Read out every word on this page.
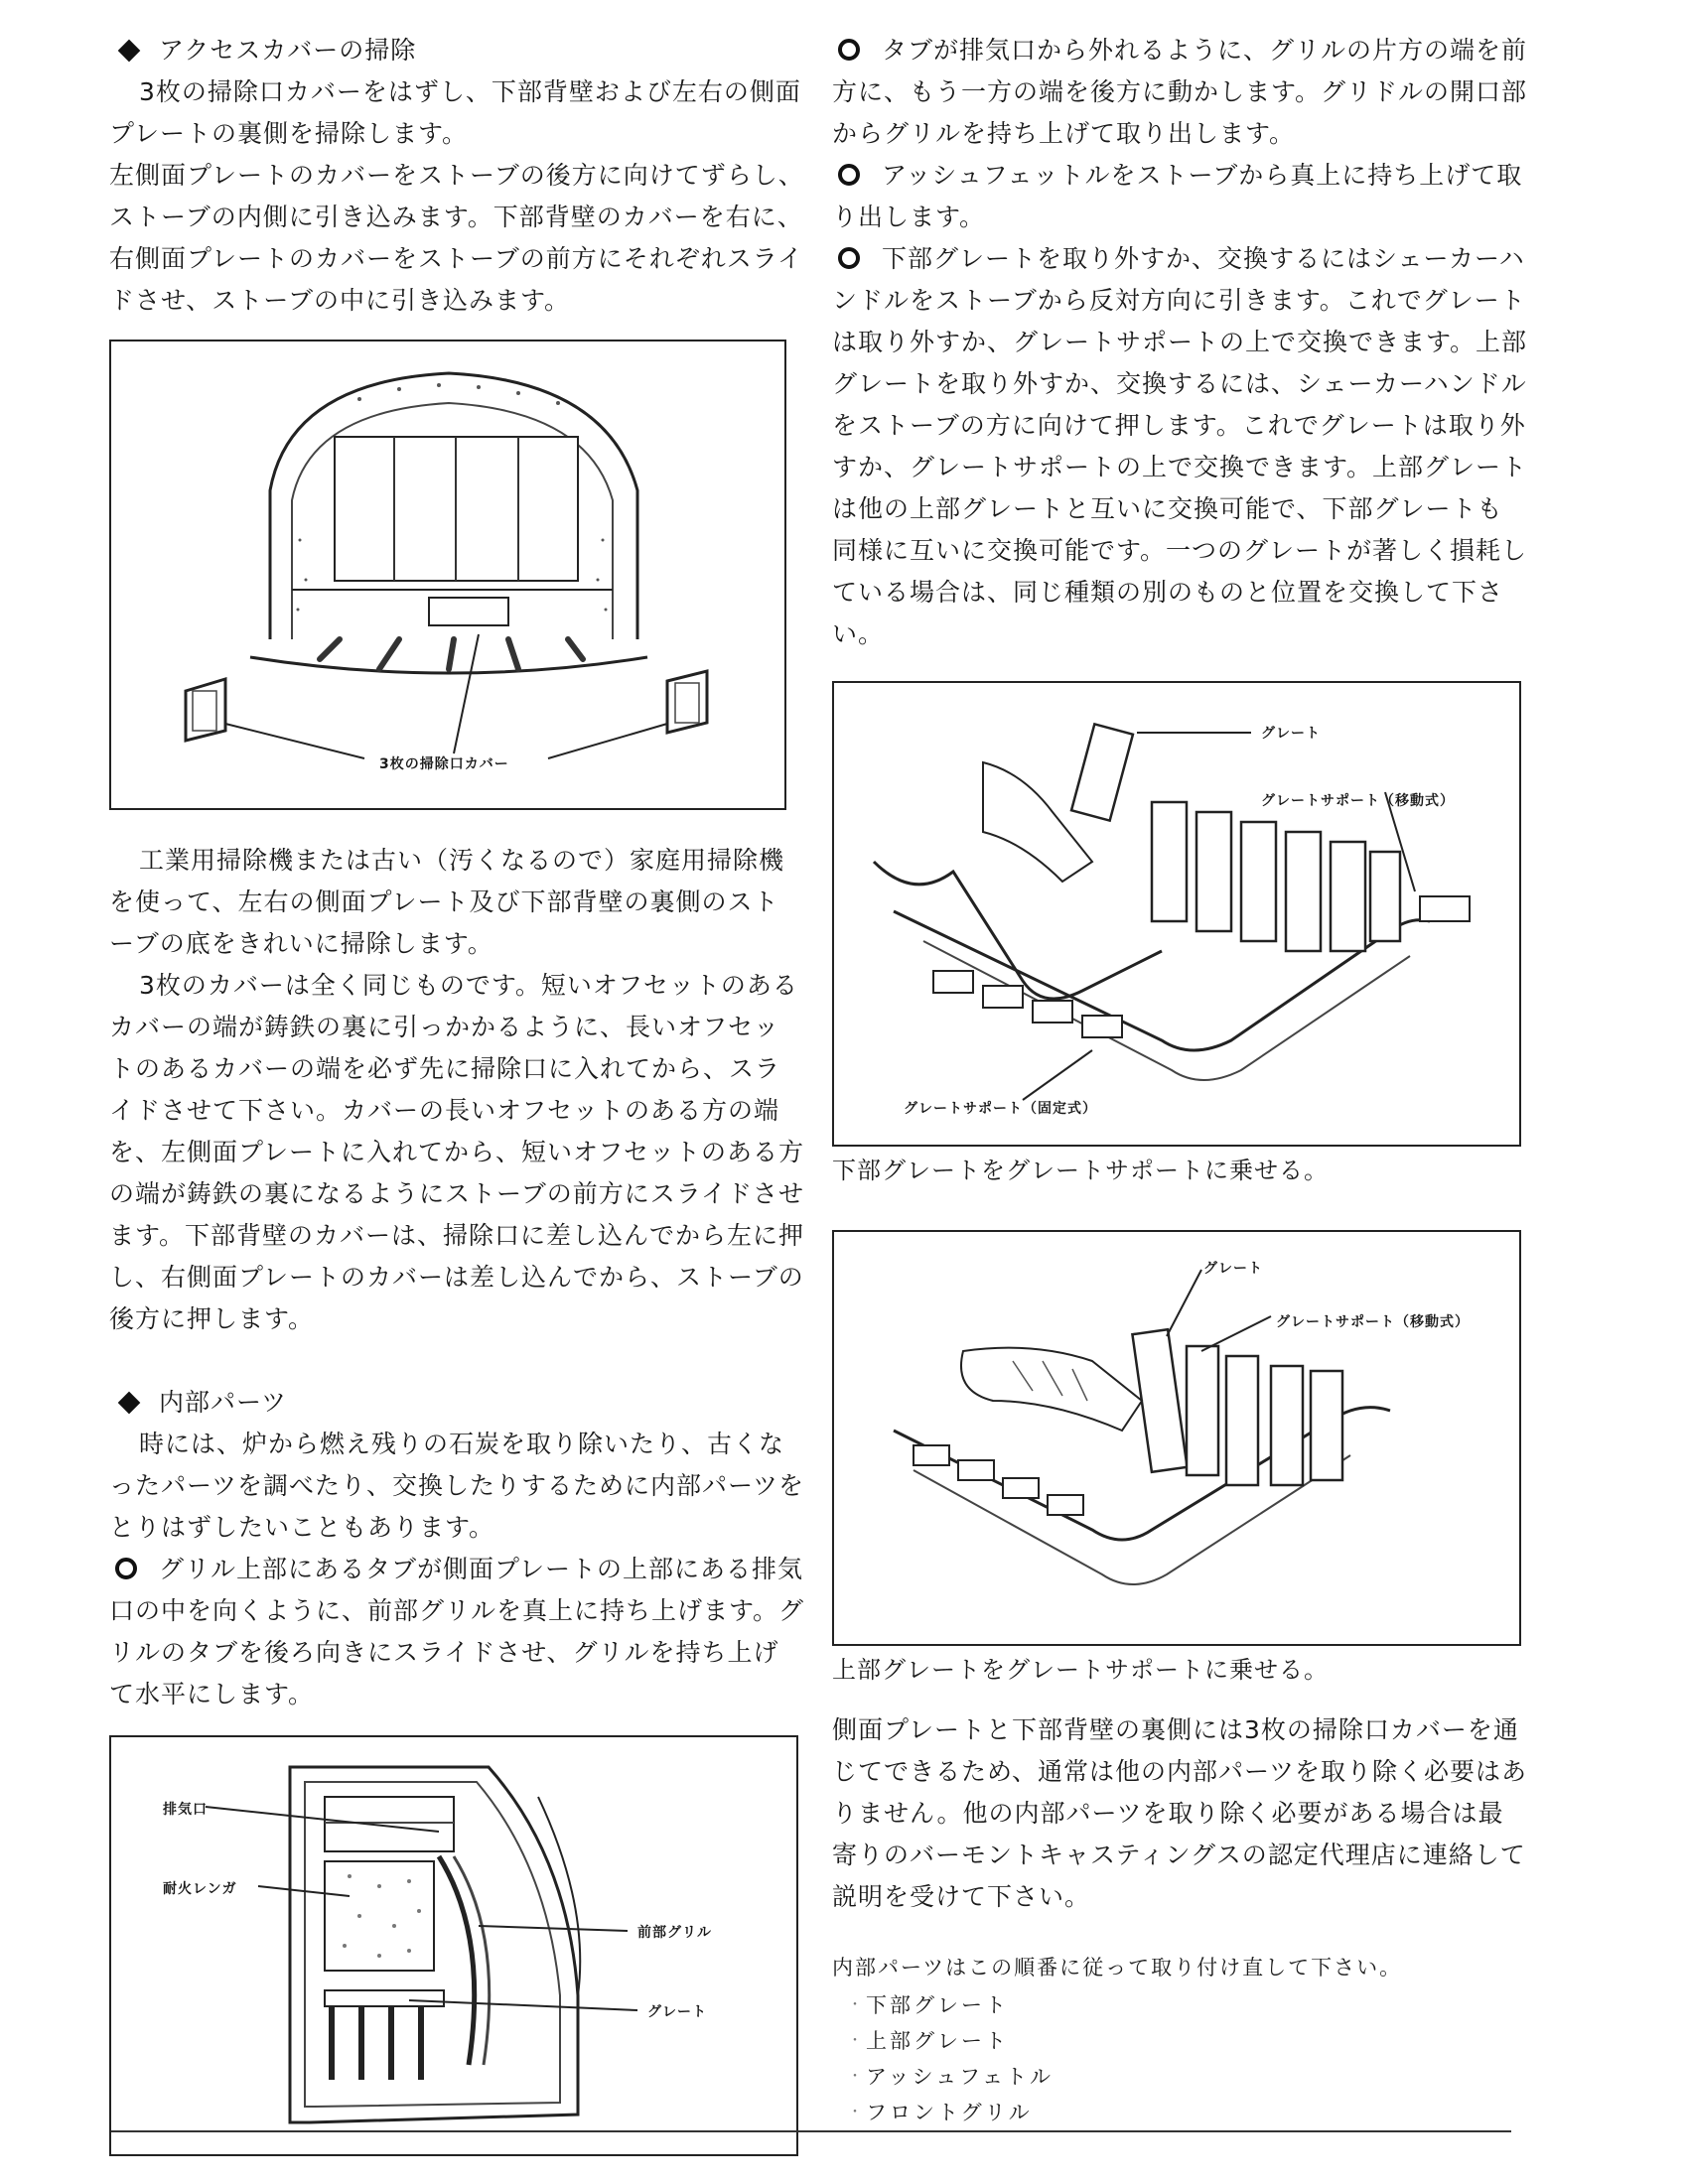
アクセスカバーの掃除

3枚の掃除口カバーをはずし、下部背壁および左右の側面プレートの裏側を掃除します。

左側面プレートのカバーをストーブの後方に向けてずらし、ストーブの内側に引き込みます。下部背壁のカバーを右に、右側面プレートのカバーをストーブの前方にそれぞれスライドさせ、ストーブの中に引き込みます。

3枚の掃除口カバー

工業用掃除機または古い（汚くなるので）家庭用掃除機を使って、左右の側面プレート及び下部背壁の裏側のストーブの底をきれいに掃除します。

3枚のカバーは全く同じものです。短いオフセットのあるカバーの端が鋳鉄の裏に引っかかるように、長いオフセットのあるカバーの端を必ず先に掃除口に入れてから、スライドさせて下さい。カバーの長いオフセットのある方の端を、左側面プレートに入れてから、短いオフセットのある方の端が鋳鉄の裏になるようにストーブの前方にスライドさせます。下部背壁のカバーは、掃除口に差し込んでから左に押し、右側面プレートのカバーは差し込んでから、ストーブの後方に押します。

内部パーツ

時には、炉から燃え残りの石炭を取り除いたり、古くなったパーツを調べたり、交換したりするために内部パーツをとりはずしたいこともあります。

グリル上部にあるタブが側面プレートの上部にある排気口の中を向くように、前部グリルを真上に持ち上げます。グリルのタブを後ろ向きにスライドさせ、グリルを持ち上げて水平にします。

排気口
耐火レンガ
前部グリル
グレート

タブが排気口から外れるように、グリルの片方の端を前方に、もう一方の端を後方に動かします。グリドルの開口部からグリルを持ち上げて取り出します。

アッシュフェットルをストーブから真上に持ち上げて取り出します。

下部グレートを取り外すか、交換するにはシェーカーハンドルをストーブから反対方向に引きます。これでグレートは取り外すか、グレートサポートの上で交換できます。上部グレートを取り外すか、交換するには、シェーカーハンドルをストーブの方に向けて押します。これでグレートは取り外すか、グレートサポートの上で交換できます。上部グレートは他の上部グレートと互いに交換可能で、下部グレートも同様に互いに交換可能です。一つのグレートが著しく損耗している場合は、同じ種類の別のものと位置を交換して下さい。

グレート
グレートサポート（移動式）
グレートサポート（固定式）
下部グレートをグレートサポートに乗せる。
グレート
グレートサポート（移動式）
上部グレートをグレートサポートに乗せる。

側面プレートと下部背壁の裏側には3枚の掃除口カバーを通じてできるため、通常は他の内部パーツを取り除く必要はありません。他の内部パーツを取り除く必要がある場合は最寄りのバーモントキャスティングスの認定代理店に連絡して説明を受けて下さい。

内部パーツはこの順番に従って取り付け直して下さい。
・ 下部グレート
・ 上部グレート
・ アッシュフェトル
・ フロントグリル
